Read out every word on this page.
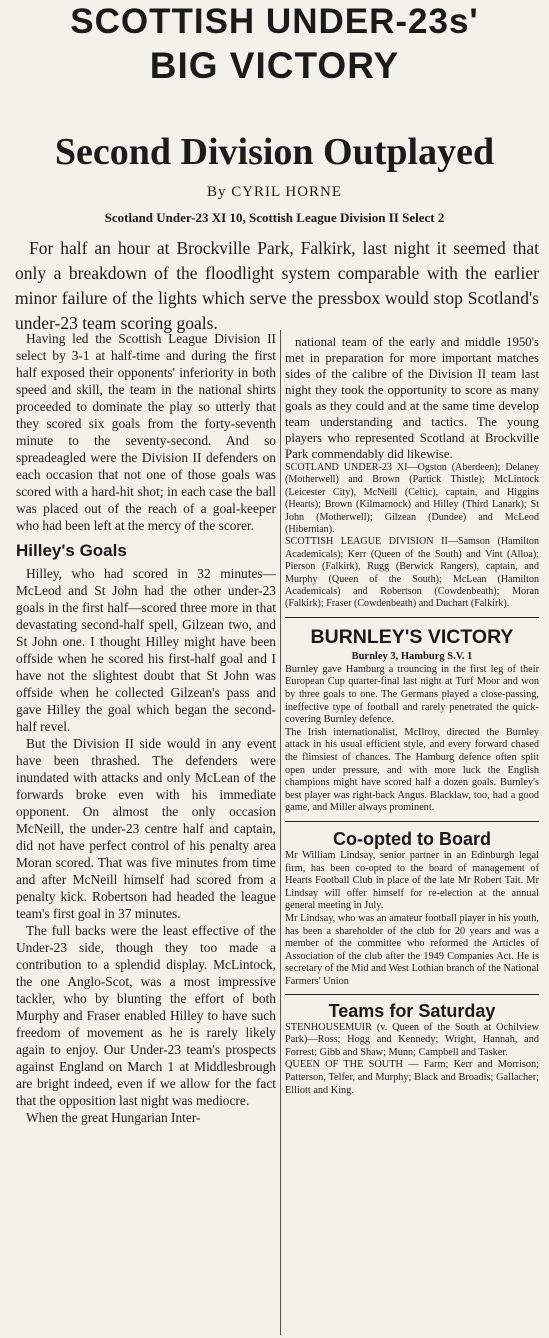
SCOTTISH UNDER-23s'
BIG VICTORY
Second Division Outplayed
By CYRIL HORNE
Scotland Under-23 XI 10, Scottish League Division II Select 2

For half an hour at Brockville Park, Falkirk, last night it seemed that only a breakdown of the floodlight system comparable with the earlier minor failure of the lights which serve the pressbox would stop Scotland's under-23 team scoring goals.

Having led the Scottish League Division II select by 3-1 at half-time and during the first half exposed their opponents' inferiority in both speed and skill, the team in the national shirts proceeded to dominate the play so utterly that they scored six goals from the forty-seventh minute to the seventy-second. And so spreadeagled were the Division II defenders on each occasion that not one of those goals was scored with a hard-hit shot; in each case the ball was placed out of the reach of a goal-keeper who had been left at the mercy of the scorer.

Hilley's Goals

Hilley, who had scored in 32 minutes—McLeod and St John had the other under-23 goals in the first half—scored three more in that devastating second-half spell, Gilzean two, and St John one. I thought Hilley might have been offside when he scored his first-half goal and I have not the slightest doubt that St John was offside when he collected Gilzean's pass and gave Hilley the goal which began the second-half revel.

But the Division II side would in any event have been thrashed. The defenders were inundated with attacks and only McLean of the forwards broke even with his immediate opponent. On almost the only occasion McNeill, the under-23 centre half and captain, did not have perfect control of his penalty area Moran scored. That was five minutes from time and after McNeill himself had scored from a penalty kick. Robertson had headed the league team's first goal in 37 minutes.

The full backs were the least effective of the Under-23 side, though they too made a contribution to a splendid display. McLintock, the one Anglo-Scot, was a most impressive tackler, who by blunting the effort of both Murphy and Fraser enabled Hilley to have such freedom of movement as he is rarely likely again to enjoy. Our Under-23 team's prospects against England on March 1 at Middlesbrough are bright indeed, even if we allow for the fact that the opposition last night was mediocre.

When the great Hungarian Inter-

national team of the early and middle 1950's met in preparation for more important matches sides of the calibre of the Division II team last night they took the opportunity to score as many goals as they could and at the same time develop team understanding and tactics. The young players who represented Scotland at Brockville Park commendably did likewise.

SCOTLAND UNDER-23 XI—Ogston (Aberdeen); Delaney (Motherwell) and Brown (Partick Thistle); McLintock (Leicester City), McNeill (Celtic), captain, and Higgins (Hearts); Brown (Kilmarnock) and Hilley (Third Lanark); St John (Motherwell); Gilzean (Dundee) and McLeod (Hibernian).

SCOTTISH LEAGUE DIVISION II—Samson (Hamilton Academicals); Kerr (Queen of the South) and Vint (Alloa); Pierson (Falkirk), Rugg (Berwick Rangers), captain, and Murphy (Queen of the South); McLean (Hamilton Academicals) and Robertson (Cowdenbeath); Moran (Falkirk); Fraser (Cowdenbeath) and Duchart (Falkirk).

BURNLEY'S VICTORY
Burnley 3, Hamburg S.V. 1

Burnley gave Hamburg a trouncing in the first leg of their European Cup quarter-final last night at Turf Moor and won by three goals to one. The Germans played a close-passing, ineffective type of football and rarely penetrated the quick-covering Burnley defence.

The Irish internationalist, McIlroy, directed the Burnley attack in his usual efficient style, and every forward chased the flimsiest of chances. The Hamburg defence often split open under pressure, and with more luck the English champions might have scored half a dozen goals. Burnley's best player was right-back Angus. Blacklaw, too, had a good game, and Miller always prominent.

Co-opted to Board

Mr William Lindsay, senior partner in an Edinburgh legal firm, has been co-opted to the board of management of Hearts Football Club in place of the late Mr Robert Tait. Mr Lindsay will offer himself for re-election at the annual general meeting in July.

Mr Lindsay, who was an amateur football player in his youth, has been a shareholder of the club for 20 years and was a member of the committee who reformed the Articles of Association of the club after the 1949 Companies Act. He is secretary of the Mid and West Lothian branch of the National Farmers' Union

Teams for Saturday

STENHOUSEMUIR (v. Queen of the South at Ochilview Park)—Ross; Hogg and Kennedy; Wright, Hannah, and Forrest; Gibb and Shaw; Munn; Campbell and Tasker.

QUEEN OF THE SOUTH — Farm; Kerr and Morrison; Patterson, Telfer, and Murphy; Black and Broadis; Gallacher; Elliott and King.
